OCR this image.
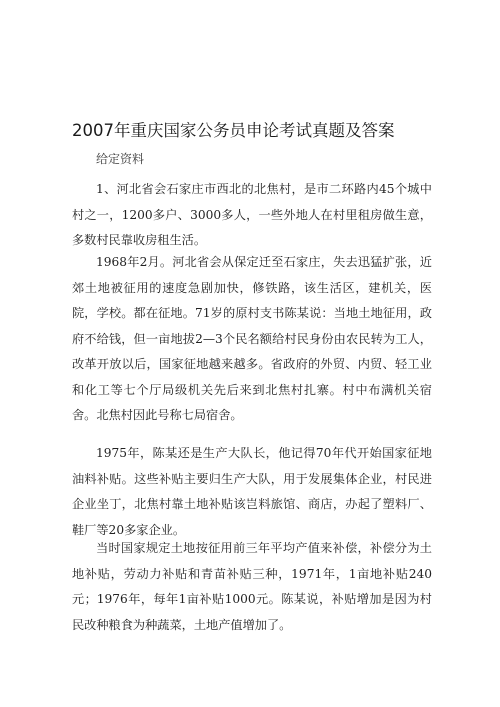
2007年重庆国家公务员申论考试真题及答案
给定资料

1、河北省会石家庄市西北的北焦村，是市二环路内45个城中村之一，1200多户、3000多人，一些外地人在村里租房做生意，多数村民靠收房租生活。

1968年2月。河北省会从保定迁至石家庄，失去迅猛扩张，近郊土地被征用的速度急剧加快，修铁路，该生活区，建机关，医院，学校。都在征地。71岁的原村支书陈某说：当地土地征用，政府不给钱，但一亩地拔2—3个民名额给村民身份由农民转为工人，改革开放以后，国家征地越来越多。省政府的外贸、内贸、轻工业和化工等七个厅局级机关先后来到北焦村扎寨。村中布满机关宿舍。北焦村因此号称七局宿舍。

1975年，陈某还是生产大队长，他记得70年代开始国家征地油料补贴。这些补贴主要归生产大队，用于发展集体企业，村民进企业坐丁，北焦村靠土地补贴该岂料旅馆、商店，办起了塑料厂、鞋厂等20多家企业。

当时国家规定土地按征用前三年平均产值来补偿，补偿分为土地补贴，劳动力补贴和青苗补贴三种，1971年，1亩地补贴240元；1976年，每年1亩补贴1000元。陈某说，补贴增加是因为村民改种粮食为种蔬菜，土地产值增加了。
